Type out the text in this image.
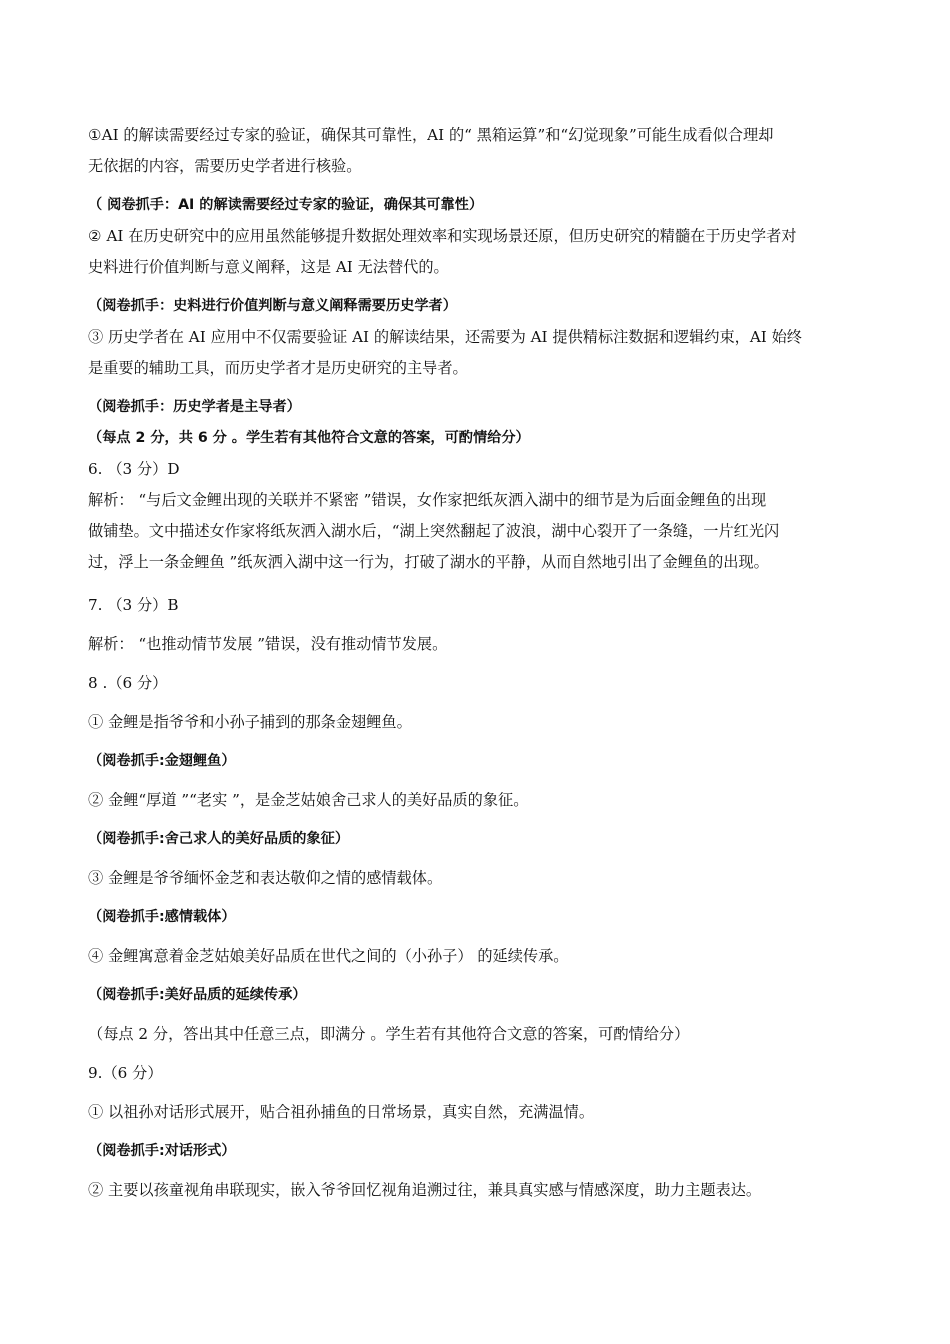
①AI 的解读需要经过专家的验证，确保其可靠性，AI 的“ 黑箱运算”和“幻觉现象”可能生成看似合理却

无依据的内容，需要历史学者进行核验。

（ 阅卷抓手：AI 的解读需要经过专家的验证，确保其可靠性）

② AI 在历史研究中的应用虽然能够提升数据处理效率和实现场景还原，但历史研究的精髓在于历史学者对

史料进行价值判断与意义阐释，这是 AI 无法替代的。

（阅卷抓手：史料进行价值判断与意义阐释需要历史学者）

③ 历史学者在 AI 应用中不仅需要验证 AI 的解读结果，还需要为 AI 提供精标注数据和逻辑约束，AI 始终

是重要的辅助工具，而历史学者才是历史研究的主导者。

（阅卷抓手：历史学者是主导者）

（每点 2 分，共 6 分 。学生若有其他符合文意的答案，可酌情给分）

6. （3 分）D

解析： “与后文金鲤出现的关联并不紧密 ”错误，女作家把纸灰洒入湖中的细节是为后面金鲤鱼的出现

做铺垫。文中描述女作家将纸灰洒入湖水后，“湖上突然翻起了波浪，湖中心裂开了一条缝，一片红光闪

过，浮上一条金鲤鱼 ”纸灰洒入湖中这一行为，打破了湖水的平静，从而自然地引出了金鲤鱼的出现。

7. （3 分）B

解析： “也推动情节发展 ”错误，没有推动情节发展。

8 .（6 分）

① 金鲤是指爷爷和小孙子捕到的那条金翅鲤鱼。

（阅卷抓手:金翅鲤鱼）

② 金鲤“厚道 ”“老实 ”，是金芝姑娘舍己求人的美好品质的象征。

（阅卷抓手:舍己求人的美好品质的象征）

③ 金鲤是爷爷缅怀金芝和表达敬仰之情的感情载体。

（阅卷抓手:感情载体）

④ 金鲤寓意着金芝姑娘美好品质在世代之间的（小孙子） 的延续传承。

（阅卷抓手:美好品质的延续传承）

（每点 2 分，答出其中任意三点，即满分 。学生若有其他符合文意的答案，可酌情给分）

9.（6 分）

① 以祖孙对话形式展开，贴合祖孙捕鱼的日常场景，真实自然，充满温情。

（阅卷抓手:对话形式）

② 主要以孩童视角串联现实，嵌入爷爷回忆视角追溯过往，兼具真实感与情感深度，助力主题表达。
